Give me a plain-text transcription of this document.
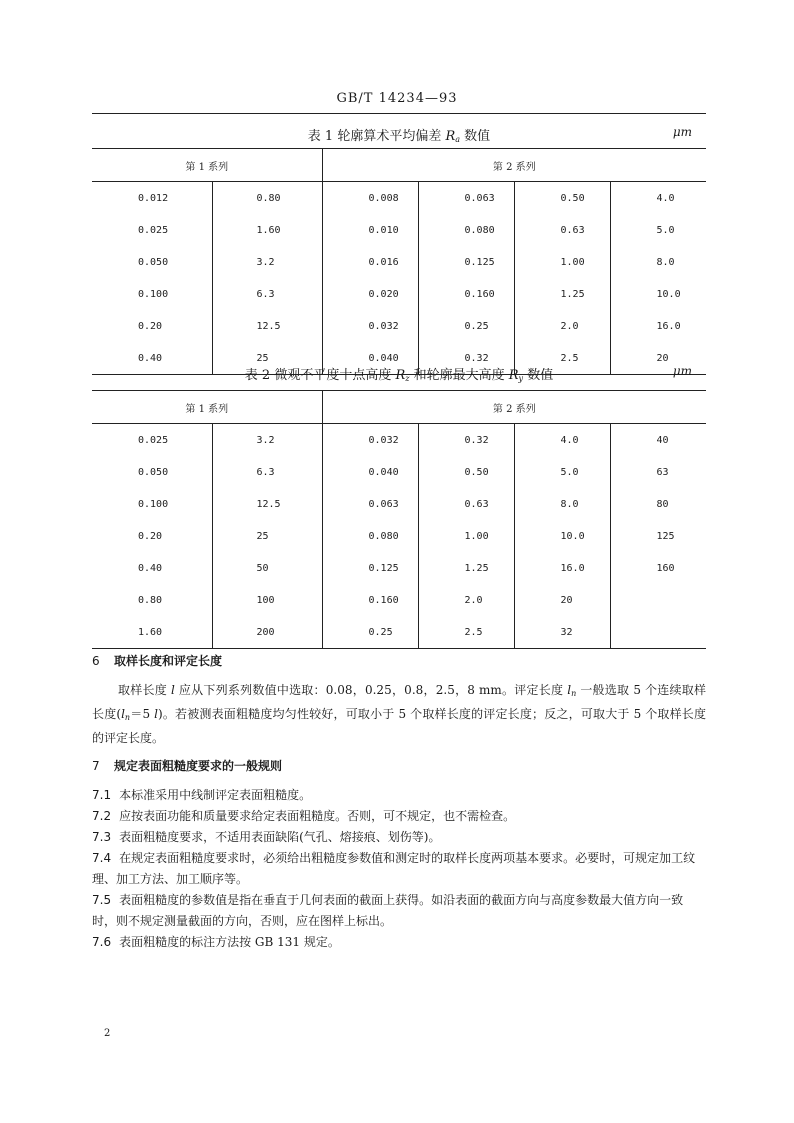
GB/T 14234—93
表 1 轮廓算术平均偏差 $R_a$ 数值	μm
第 1 系列		第 2 系列			
0.012	0.80	0.008	0.063	0.50	4.0
0.025	1.60	0.010	0.080	0.63	5.0
0.050	3.2	0.016	0.125	1.00	8.0
0.100	6.3	0.020	0.160	1.25	10.0
0.20	12.5	0.032	0.25	2.0	16.0
0.40	25	0.040	0.32	2.5	20
表 2 微观不平度十点高度 $R_z$ 和轮廓最大高度 $R_y$ 数值	μm
第 1 系列		第 2 系列			
0.025	3.2	0.032	0.32	4.0	40
0.050	6.3	0.040	0.50	5.0	63
0.100	12.5	0.063	0.63	8.0	80
0.20	25	0.080	1.00	10.0	125
0.40	50	0.125	1.25	16.0	160
0.80	100	0.160	2.0	20	
1.60	200	0.25	2.5	32	
6 取样长度和评定长度
取样长度 l 应从下列系列数值中选取：0.08，0.25，0.8，2.5，8 mm。评定长度 $l_n$ 一般选取 5 个连续取样长度($l_n=5$ l)。若被测表面粗糙度均匀性较好，可取小于 5 个取样长度的评定长度；反之，可取大于 5 个取样长度的评定长度。
7 规定表面粗糙度要求的一般规则
7.1 本标准采用中线制评定表面粗糙度。
7.2 应按表面功能和质量要求给定表面粗糙度。否则，可不规定，也不需检查。
7.3 表面粗糙度要求，不适用表面缺陷(气孔、熔接痕、划伤等)。
7.4 在规定表面粗糙度要求时，必须给出粗糙度参数值和测定时的取样长度两项基本要求。必要时，可规定加工纹理、加工方法、加工顺序等。
7.5 表面粗糙度的参数值是指在垂直于几何表面的截面上获得。如沿表面的截面方向与高度参数最大值方向一致时，则不规定测量截面的方向，否则，应在图样上标出。
7.6 表面粗糙度的标注方法按 GB 131 规定。
2
